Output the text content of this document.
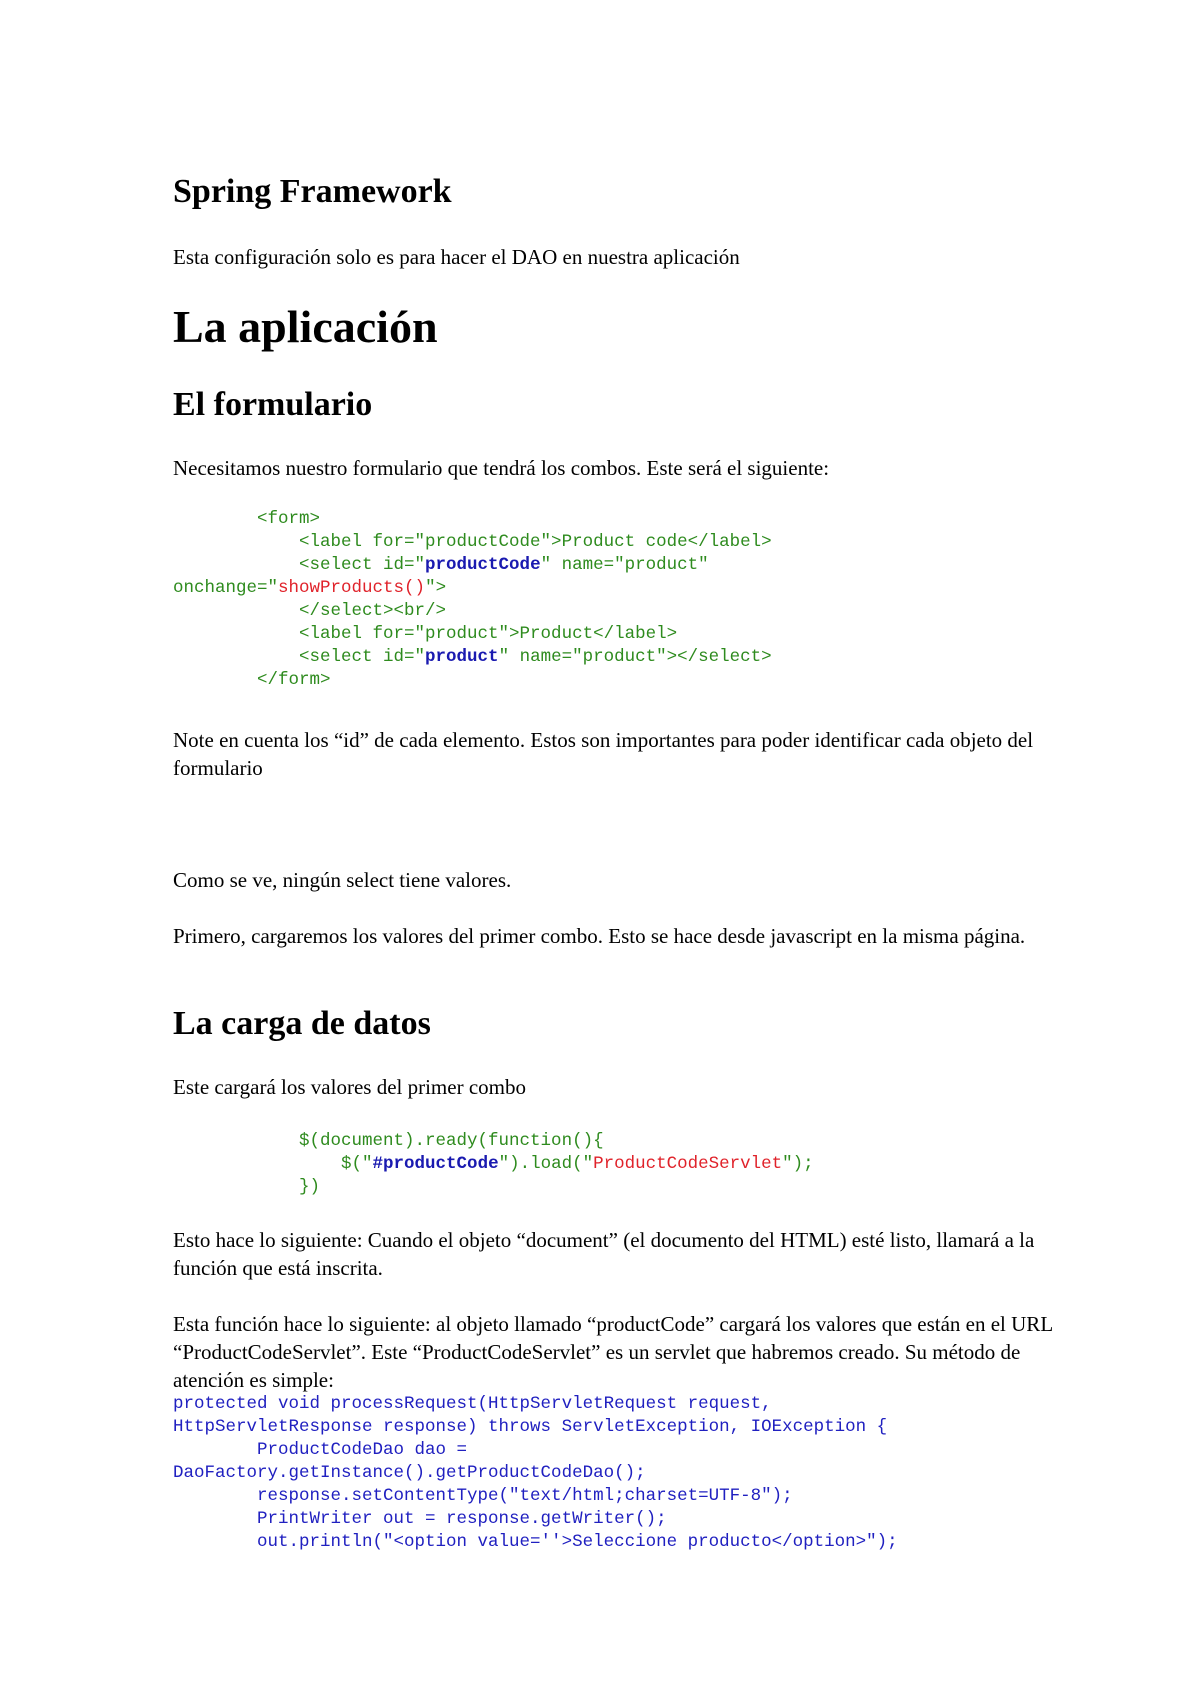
Spring Framework
Esta configuración solo es para hacer el DAO en nuestra aplicación
La aplicación
El formulario
Necesitamos nuestro formulario que tendrá los combos. Este será el siguiente:
<form>
<label for="productCode">Product code</label>
<select id="productCode" name="product"
onchange="showProducts()">
</select><br/>
<label for="product">Product</label>
<select id="product" name="product"></select>
</form>
Note en cuenta los “id” de cada elemento. Estos son importantes para poder identificar cada objeto del formulario
Como se ve, ningún select tiene valores.
Primero, cargaremos los valores del primer combo. Esto se hace desde javascript en la misma página.
La carga de datos
Este cargará los valores del primer combo
$(document).ready(function(){
$("#productCode").load("ProductCodeServlet");
})
Esto hace lo siguiente: Cuando el objeto “document” (el documento del HTML) esté listo, llamará a la función que está inscrita.
Esta función hace lo siguiente: al objeto llamado “productCode” cargará los valores que están en el URL “ProductCodeServlet”. Este “ProductCodeServlet” es un servlet que habremos creado. Su método de atención es simple:
protected void processRequest(HttpServletRequest request,
HttpServletResponse response) throws ServletException, IOException {
ProductCodeDao dao =
DaoFactory.getInstance().getProductCodeDao();
response.setContentType("text/html;charset=UTF-8");
PrintWriter out = response.getWriter();
out.println("<option value=''>Seleccione producto</option>");
